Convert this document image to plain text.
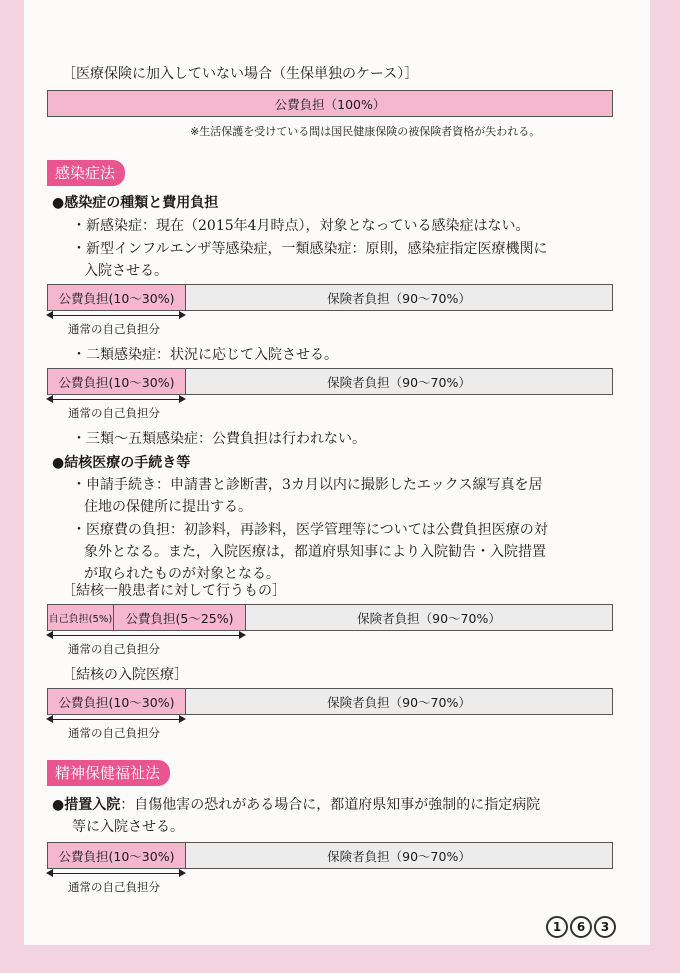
［医療保険に加入していない場合（生保単独のケース）］
公費負担（100%）
※生活保護を受けている間は国民健康保険の被保険者資格が失われる。
感染症法
●感染症の種類と費用負担
・新感染症：現在（2015年4月時点），対象となっている感染症はない。
・新型インフルエンザ等感染症，一類感染症：原則，感染症指定医療機関に
入院させる。
公費負担(10〜30%)	保険者負担（90〜70%）
通常の自己負担分
・二類感染症：状況に応じて入院させる。
公費負担(10〜30%)	保険者負担（90〜70%）
通常の自己負担分
・三類〜五類感染症：公費負担は行われない。
●結核医療の手続き等
・申請手続き：申請書と診断書，3カ月以内に撮影したエックス線写真を居
住地の保健所に提出する。
・医療費の負担：初診料，再診料，医学管理等については公費負担医療の対
象外となる。また，入院医療は，都道府県知事により入院勧告・入院措置
が取られたものが対象となる。
［結核一般患者に対して行うもの］
自己負担(5%)	公費負担(5〜25%)	保険者負担（90〜70%）
通常の自己負担分
［結核の入院医療］
公費負担(10〜30%)	保険者負担（90〜70%）
通常の自己負担分
精神保健福祉法
●措置入院：自傷他害の恐れがある場合に，都道府県知事が強制的に指定病院
等に入院させる。
公費負担(10〜30%)	保険者負担（90〜70%）
通常の自己負担分
1	6	3
